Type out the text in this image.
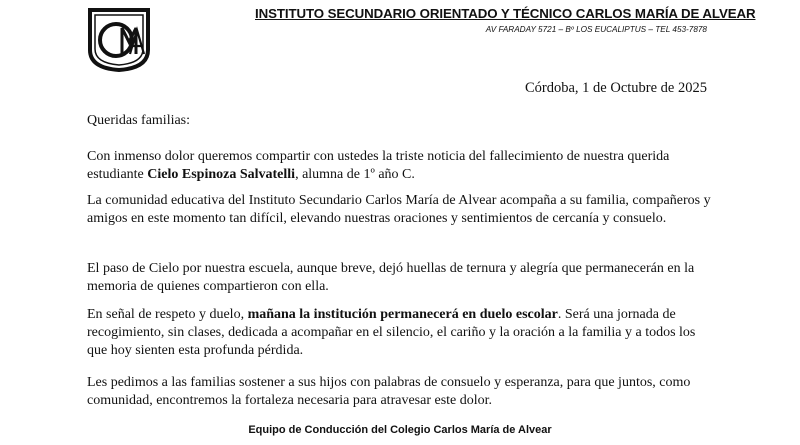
INSTITUTO SECUNDARIO ORIENTADO Y TÉCNICO CARLOS MARÍA DE ALVEAR
AV FARADAY 5721 – Bº LOS EUCALIPTUS – TEL 453-7878
Córdoba, 1 de Octubre de 2025

Queridas familias:

Con inmenso dolor queremos compartir con ustedes la triste noticia del fallecimiento de nuestra querida estudiante Cielo Espinoza Salvatelli, alumna de 1º año C.

La comunidad educativa del Instituto Secundario Carlos María de Alvear acompaña a su familia, compañeros y amigos en este momento tan difícil, elevando nuestras oraciones y sentimientos de cercanía y consuelo.

El paso de Cielo por nuestra escuela, aunque breve, dejó huellas de ternura y alegría que permanecerán en la memoria de quienes compartieron con ella.

En señal de respeto y duelo, mañana la institución permanecerá en duelo escolar. Será una jornada de recogimiento, sin clases, dedicada a acompañar en el silencio, el cariño y la oración a la familia y a todos los que hoy sienten esta profunda pérdida.

Les pedimos a las familias sostener a sus hijos con palabras de consuelo y esperanza, para que juntos, como comunidad, encontremos la fortaleza necesaria para atravesar este dolor.

Equipo de Conducción del Colegio Carlos María de Alvear
